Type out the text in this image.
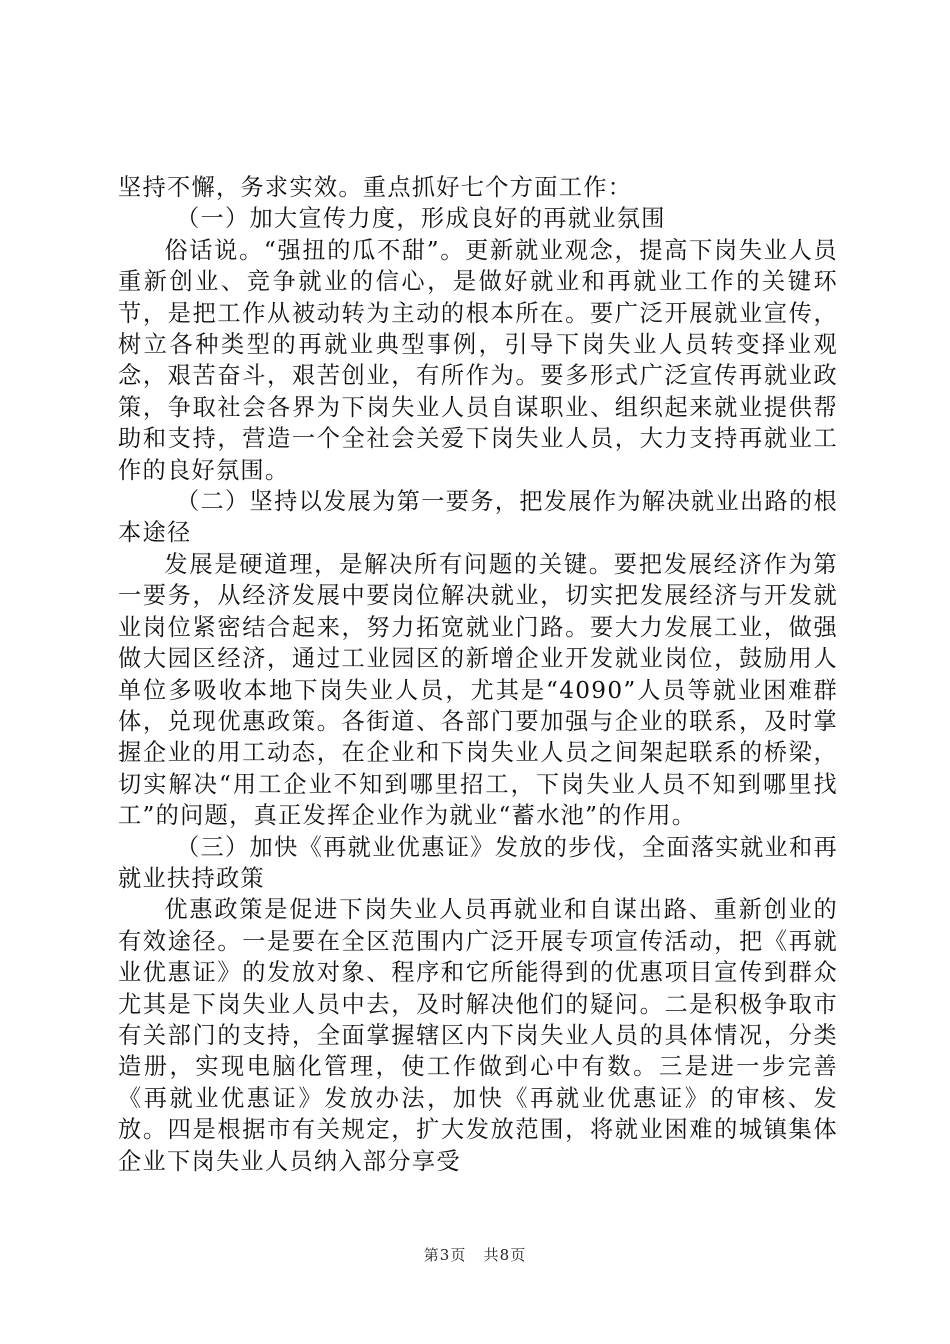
坚持不懈，务求实效。重点抓好七个方面工作：

（一）加大宣传力度，形成良好的再就业氛围

俗话说。“强扭的瓜不甜”。更新就业观念，提高下岗失业人员重新创业、竞争就业的信心，是做好就业和再就业工作的关键环节，是把工作从被动转为主动的根本所在。要广泛开展就业宣传，树立各种类型的再就业典型事例，引导下岗失业人员转变择业观念，艰苦奋斗，艰苦创业，有所作为。要多形式广泛宣传再就业政策，争取社会各界为下岗失业人员自谋职业、组织起来就业提供帮助和支持，营造一个全社会关爱下岗失业人员，大力支持再就业工作的良好氛围。

（二）坚持以发展为第一要务，把发展作为解决就业出路的根本途径

发展是硬道理，是解决所有问题的关键。要把发展经济作为第一要务，从经济发展中要岗位解决就业，切实把发展经济与开发就业岗位紧密结合起来，努力拓宽就业门路。要大力发展工业，做强做大园区经济，通过工业园区的新增企业开发就业岗位，鼓励用人单位多吸收本地下岗失业人员，尤其是“4090”人员等就业困难群体，兑现优惠政策。各街道、各部门要加强与企业的联系，及时掌握企业的用工动态，在企业和下岗失业人员之间架起联系的桥梁，切实解决“用工企业不知到哪里招工，下岗失业人员不知到哪里找工”的问题，真正发挥企业作为就业“蓄水池”的作用。

（三）加快《再就业优惠证》发放的步伐，全面落实就业和再就业扶持政策

优惠政策是促进下岗失业人员再就业和自谋出路、重新创业的有效途径。一是要在全区范围内广泛开展专项宣传活动，把《再就业优惠证》的发放对象、程序和它所能得到的优惠项目宣传到群众尤其是下岗失业人员中去，及时解决他们的疑问。二是积极争取市有关部门的支持，全面掌握辖区内下岗失业人员的具体情况，分类造册，实现电脑化管理，使工作做到心中有数。三是进一步完善《再就业优惠证》发放办法，加快《再就业优惠证》的审核、发放。四是根据市有关规定，扩大发放范围，将就业困难的城镇集体企业下岗失业人员纳入部分享受

第3页 共8页
